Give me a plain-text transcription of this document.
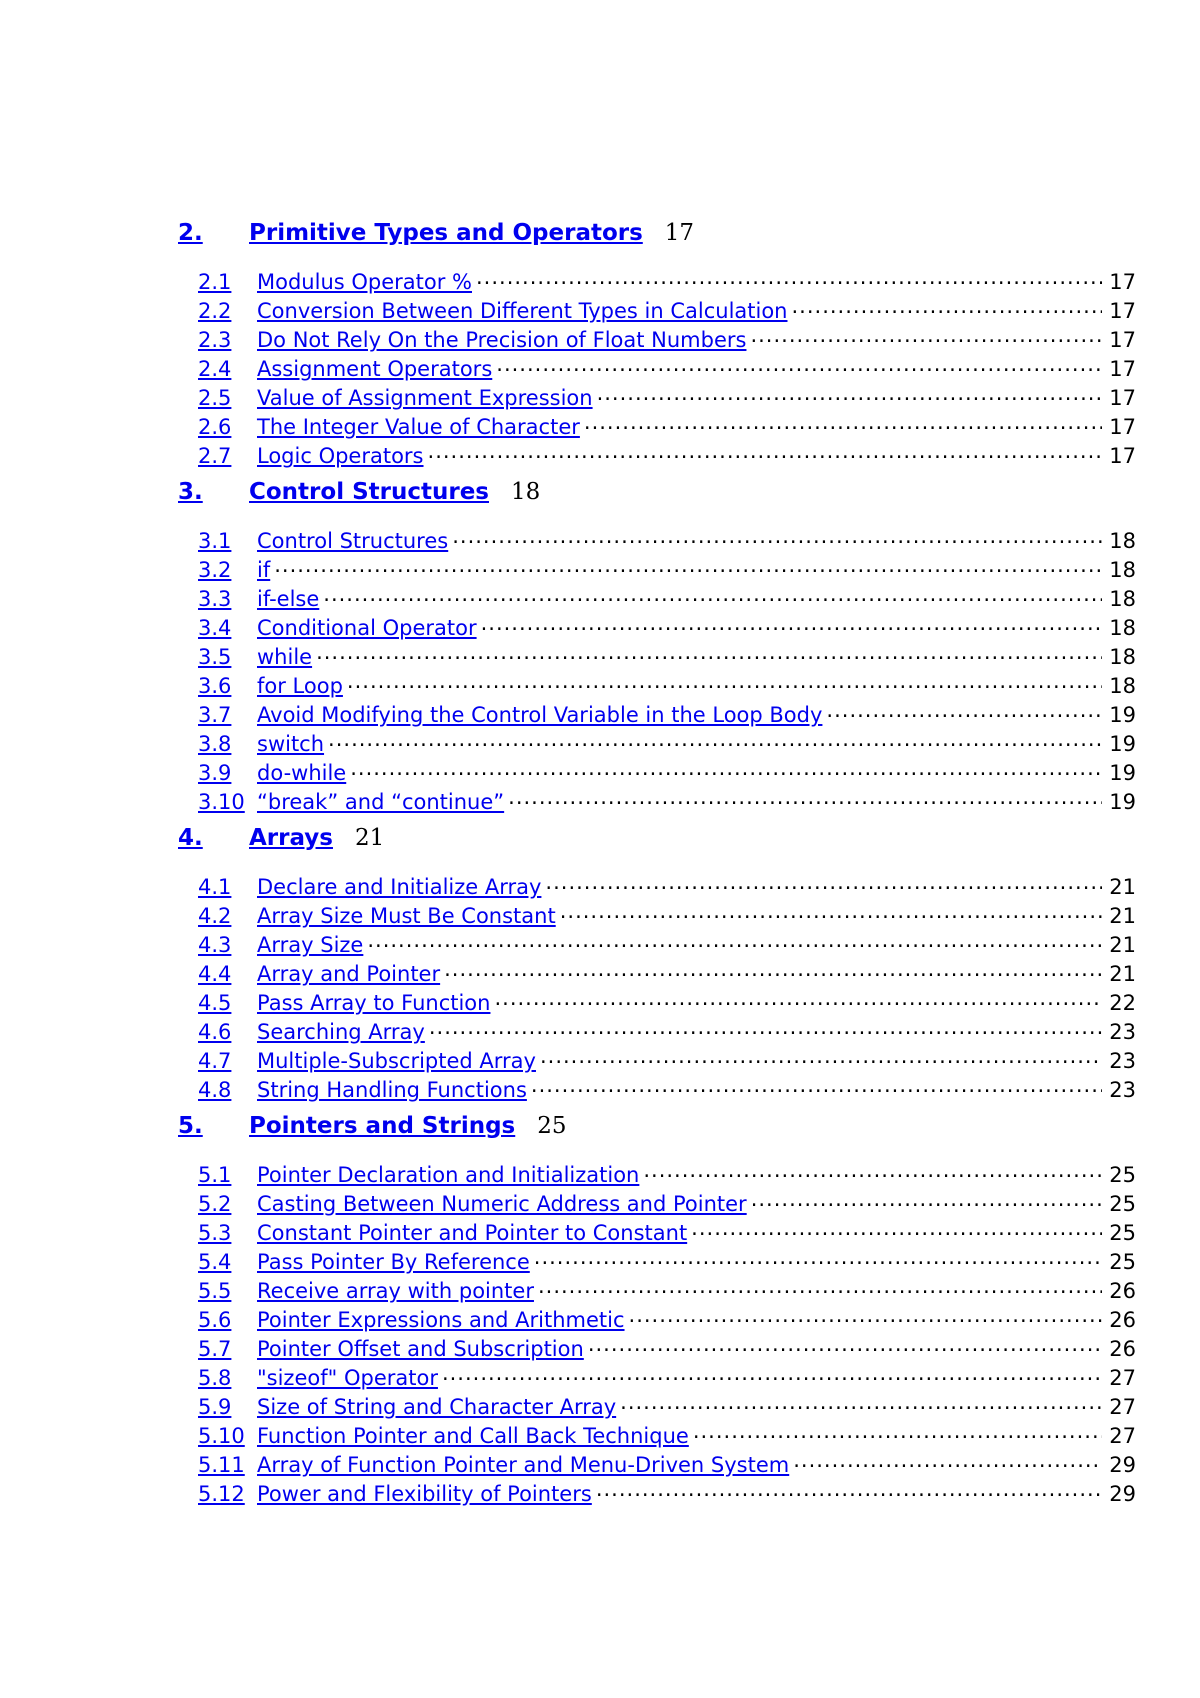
2.	Primitive Types and Operators 17
2.1	Modulus Operator % .....	17
2.2	Conversion Between Different Types in Calculation .....	17
2.3	Do Not Rely On the Precision of Float Numbers .....	17
2.4	Assignment Operators .....	17
2.5	Value of Assignment Expression .....	17
2.6	The Integer Value of Character .....	17
2.7	Logic Operators .....	17
3.	Control Structures 18
3.1	Control Structures .....	18
3.2	if .....	18
3.3	if-else .....	18
3.4	Conditional Operator .....	18
3.5	while .....	18
3.6	for Loop .....	18
3.7	Avoid Modifying the Control Variable in the Loop Body .....	19
3.8	switch .....	19
3.9	do-while .....	19
3.10 “break” and “continue” .....	19
4.	Arrays 21
4.1	Declare and Initialize Array .....	21
4.2	Array Size Must Be Constant .....	21
4.3	Array Size .....	21
4.4	Array and Pointer .....	21
4.5	Pass Array to Function .....	22
4.6	Searching Array .....	23
4.7	Multiple-Subscripted Array .....	23
4.8	String Handling Functions .....	23
5.	Pointers and Strings 25
5.1	Pointer Declaration and Initialization .....	25
5.2	Casting Between Numeric Address and Pointer .....	25
5.3	Constant Pointer and Pointer to Constant .....	25
5.4	Pass Pointer By Reference .....	25
5.5	Receive array with pointer .....	26
5.6	Pointer Expressions and Arithmetic .....	26
5.7	Pointer Offset and Subscription .....	26
5.8	"sizeof" Operator .....	27
5.9	Size of String and Character Array .....	27
5.10 Function Pointer and Call Back Technique .....	27
5.11 Array of Function Pointer and Menu-Driven System .....	29
5.12 Power and Flexibility of Pointers .....	29
